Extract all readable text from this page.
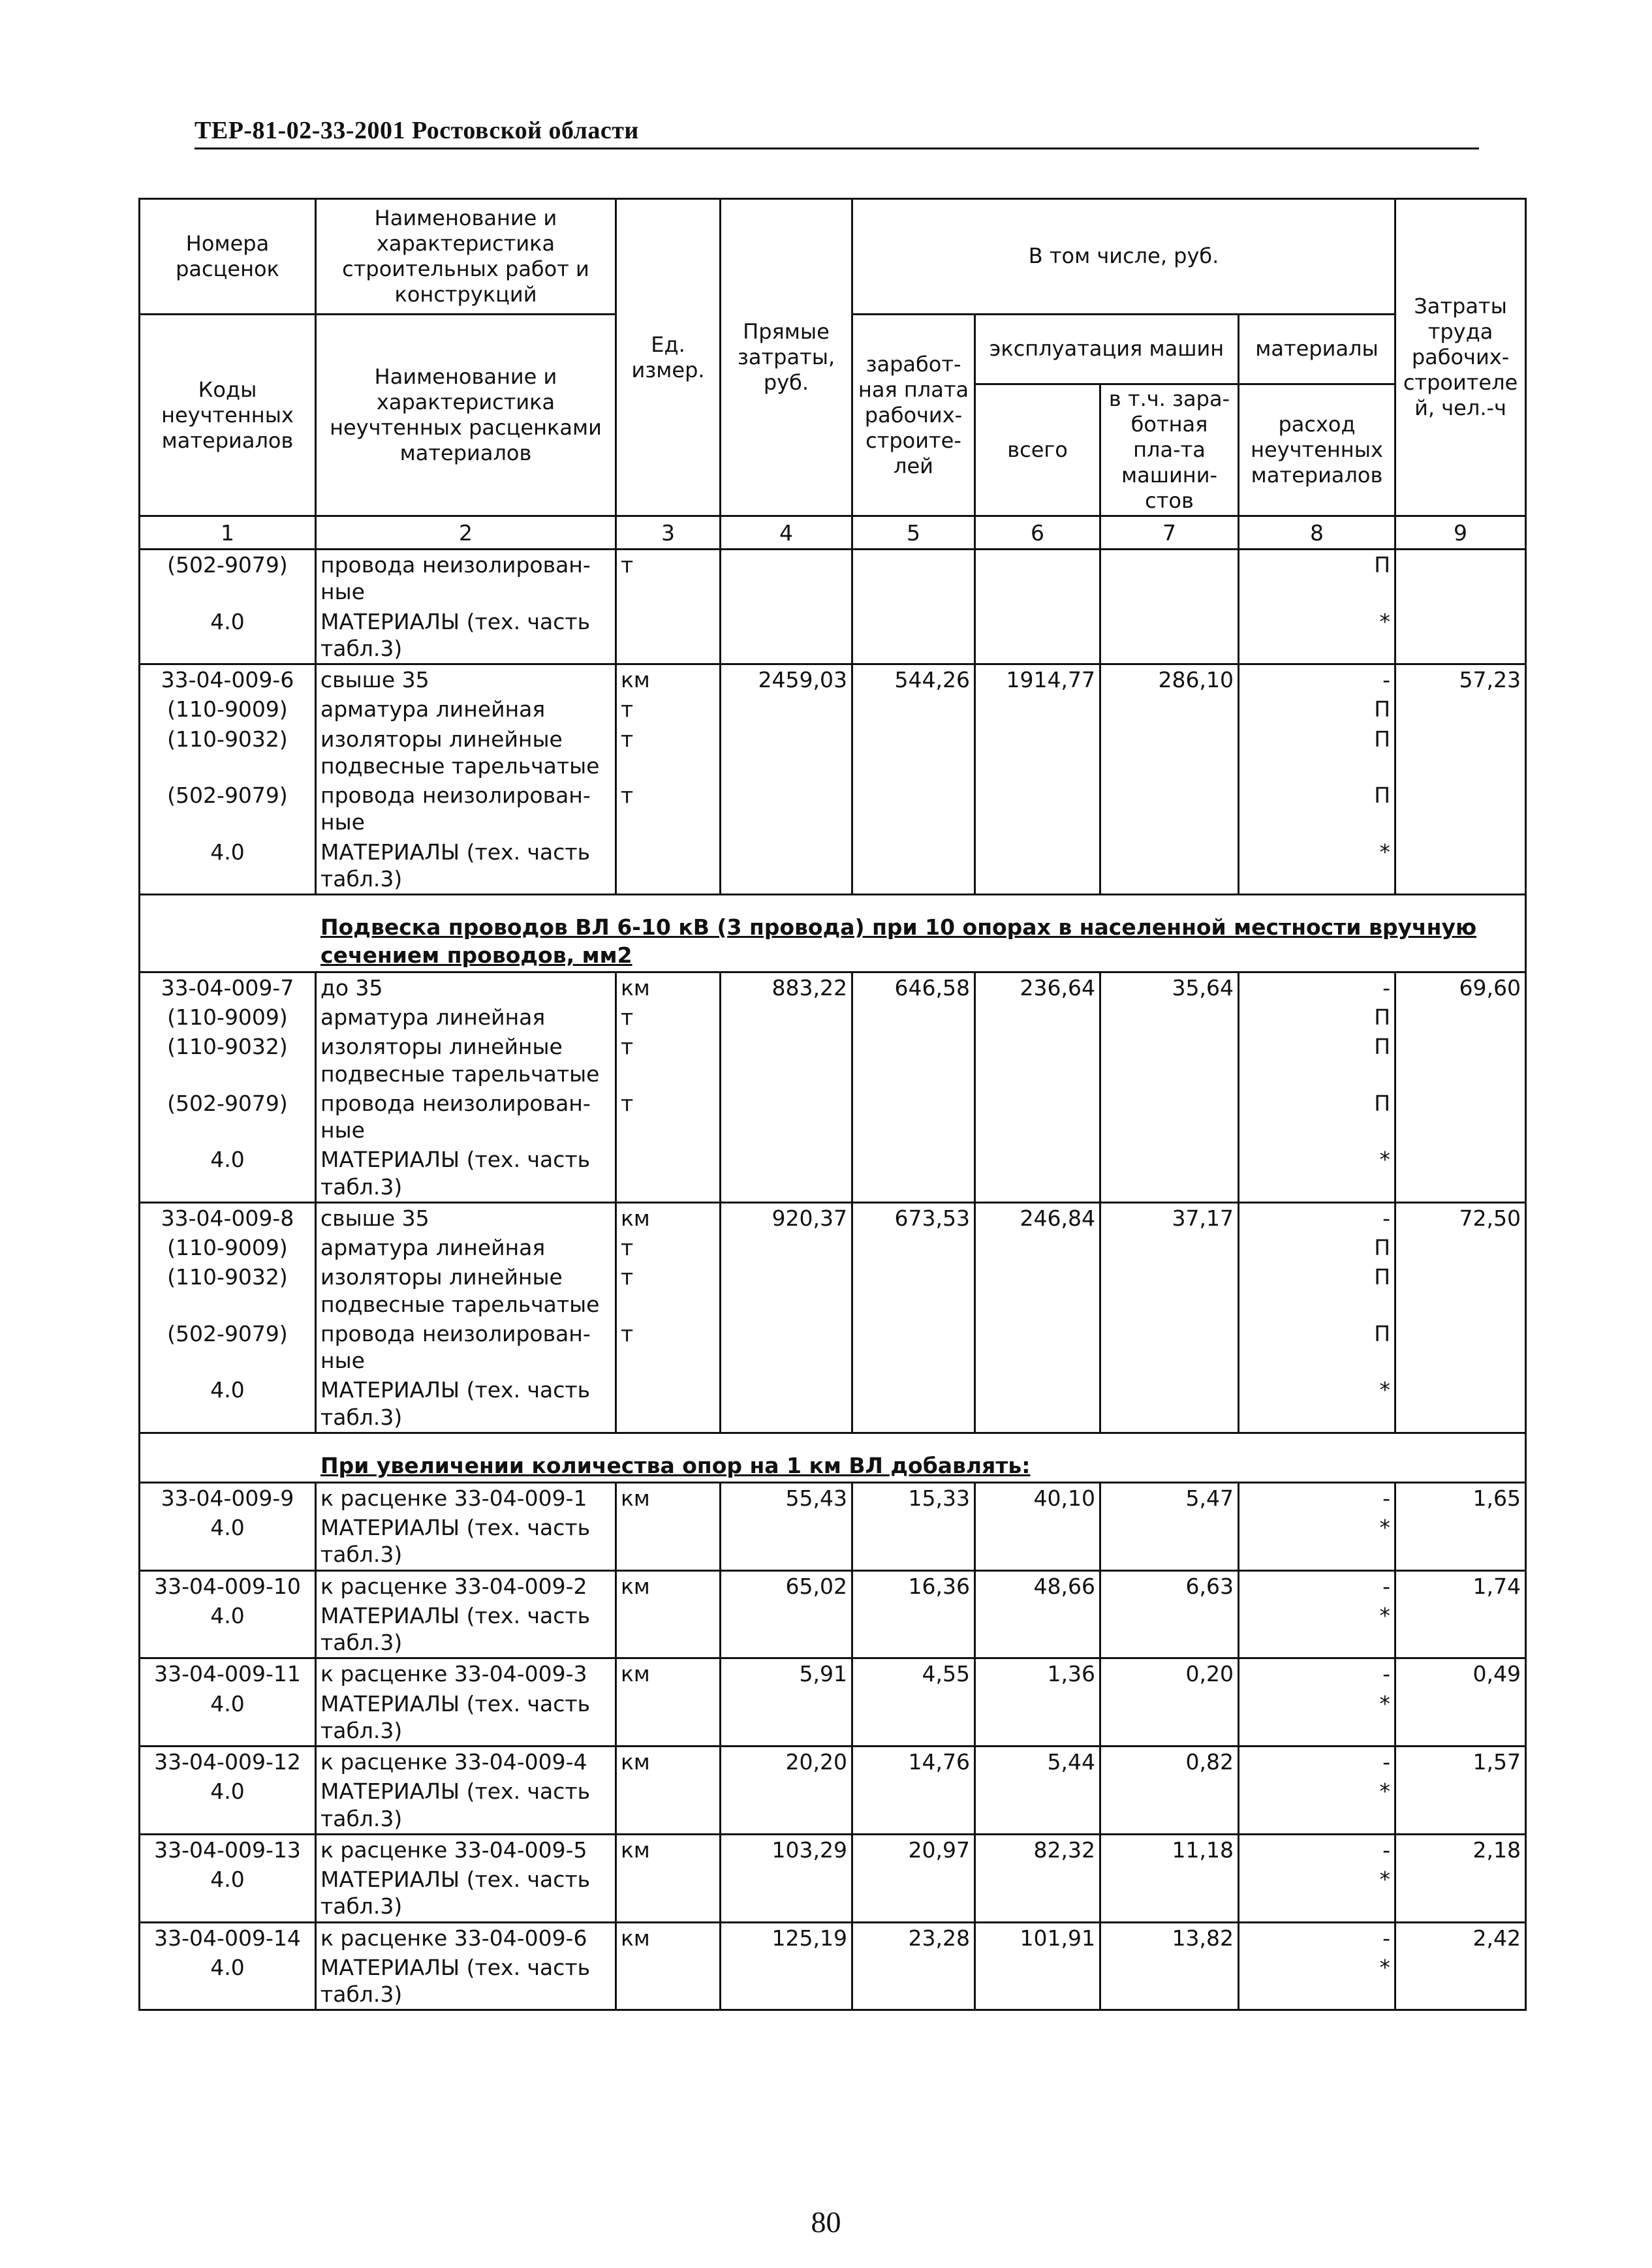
ТЕР-81-02-33-2001 Ростовской области
Номера расценок	Наименование и характеристика строительных работ и конструкций	Ед. измер.	Прямые затраты, руб.	В том числе, руб.				Затраты труда рабочих-строителей, чел.-ч
Коды неучтенных материалов	Наименование и характеристика неучтенных расценками материалов			заработ-ная плата рабочих-строите-лей	эксплуатация машин		материалы	
					всего	в т.ч. зара-ботная пла-та машини-стов	расход неучтенных материалов	
1	2	3	4	5	6	7	8	9
(502-9079)	провода неизолирован-ные	т					П	
4.0	МАТЕРИАЛЫ (тех. часть табл.3)						*	
33-04-009-6	свыше 35	км	2459,03	544,26	1914,77	286,10	-	57,23
(110-9009)	арматура линейная	т					П	
(110-9032)	изоляторы линейные подвесные тарельчатые	т					П	
(502-9079)	провода неизолирован-ные	т					П	
4.0	МАТЕРИАЛЫ (тех. часть табл.3)						*	
Подвеска проводов ВЛ 6-10 кВ (3 провода) при 10 опорах в населенной местности вручную сечением проводов, мм2								
33-04-009-7	до 35	км	883,22	646,58	236,64	35,64	-	69,60
(110-9009)	арматура линейная	т					П	
(110-9032)	изоляторы линейные подвесные тарельчатые	т					П	
(502-9079)	провода неизолирован-ные	т					П	
4.0	МАТЕРИАЛЫ (тех. часть табл.3)						*	
33-04-009-8	свыше 35	км	920,37	673,53	246,84	37,17	-	72,50
(110-9009)	арматура линейная	т					П	
(110-9032)	изоляторы линейные подвесные тарельчатые	т					П	
(502-9079)	провода неизолирован-ные	т					П	
4.0	МАТЕРИАЛЫ (тех. часть табл.3)						*	
При увеличении количества опор на 1 км ВЛ добавлять:								
33-04-009-9	к расценке 33-04-009-1	км	55,43	15,33	40,10	5,47	-	1,65
4.0	МАТЕРИАЛЫ (тех. часть табл.3)						*	
33-04-009-10	к расценке 33-04-009-2	км	65,02	16,36	48,66	6,63	-	1,74
4.0	МАТЕРИАЛЫ (тех. часть табл.3)						*	
33-04-009-11	к расценке 33-04-009-3	км	5,91	4,55	1,36	0,20	-	0,49
4.0	МАТЕРИАЛЫ (тех. часть табл.3)						*	
33-04-009-12	к расценке 33-04-009-4	км	20,20	14,76	5,44	0,82	-	1,57
4.0	МАТЕРИАЛЫ (тех. часть табл.3)						*	
33-04-009-13	к расценке 33-04-009-5	км	103,29	20,97	82,32	11,18	-	2,18
4.0	МАТЕРИАЛЫ (тех. часть табл.3)						*	
33-04-009-14	к расценке 33-04-009-6	км	125,19	23,28	101,91	13,82	-	2,42
4.0	МАТЕРИАЛЫ (тех. часть табл.3)						*	
80
